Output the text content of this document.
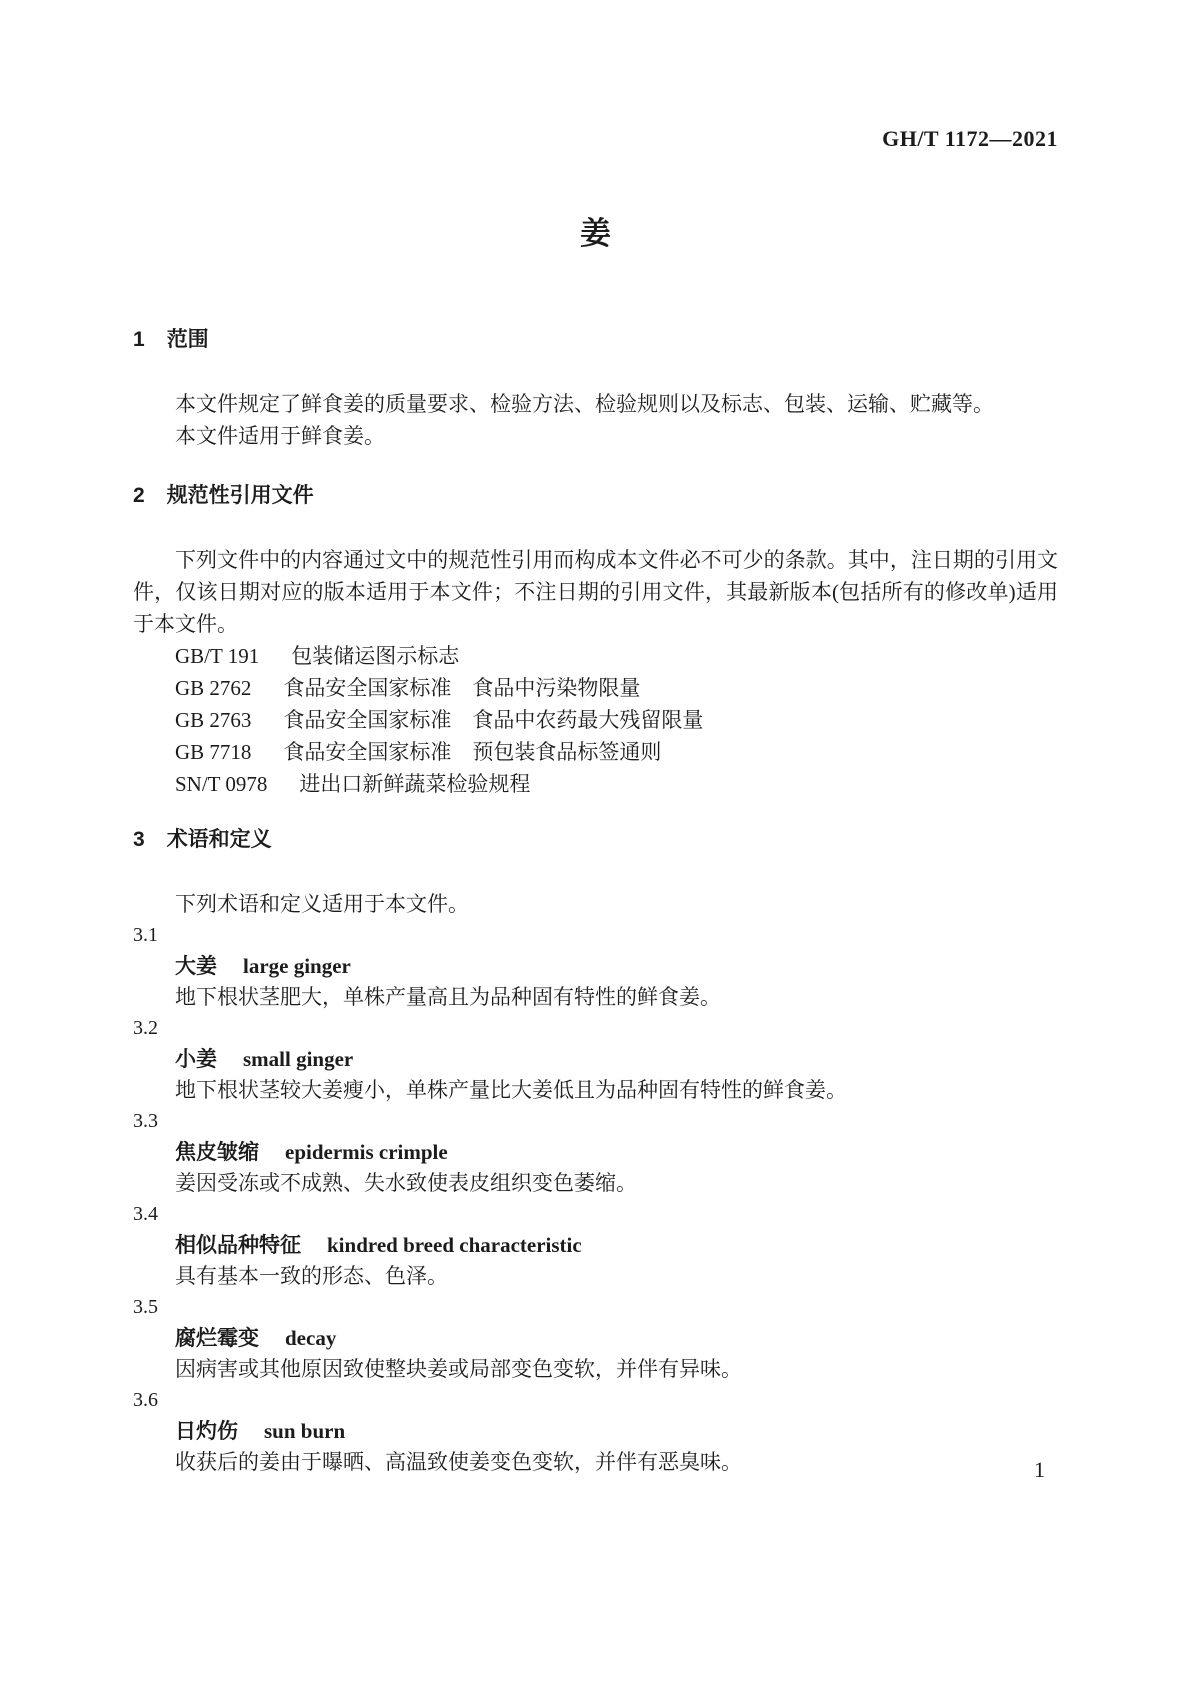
GH/T 1172—2021
姜
1 范围

本文件规定了鲜食姜的质量要求、检验方法、检验规则以及标志、包装、运输、贮藏等。

本文件适用于鲜食姜。

2 规范性引用文件

下列文件中的内容通过文中的规范性引用而构成本文件必不可少的条款。其中，注日期的引用文件，仅该日期对应的版本适用于本文件；不注日期的引用文件，其最新版本(包括所有的修改单)适用于本文件。

GB/T 191 包装储运图示标志
GB 2762 食品安全国家标准　食品中污染物限量
GB 2763 食品安全国家标准　食品中农药最大残留限量
GB 7718 食品安全国家标准　预包装食品标签通则
SN/T 0978 进出口新鲜蔬菜检验规程
3 术语和定义

下列术语和定义适用于本文件。

3.1
大姜 large ginger
地下根状茎肥大，单株产量高且为品种固有特性的鲜食姜。
3.2
小姜 small ginger
地下根状茎较大姜瘦小，单株产量比大姜低且为品种固有特性的鲜食姜。
3.3
焦皮皱缩 epidermis crimple
姜因受冻或不成熟、失水致使表皮组织变色萎缩。
3.4
相似品种特征 kindred breed characteristic
具有基本一致的形态、色泽。
3.5
腐烂霉变 decay
因病害或其他原因致使整块姜或局部变色变软，并伴有异味。
3.6
日灼伤 sun burn
收获后的姜由于曝晒、高温致使姜变色变软，并伴有恶臭味。	1
